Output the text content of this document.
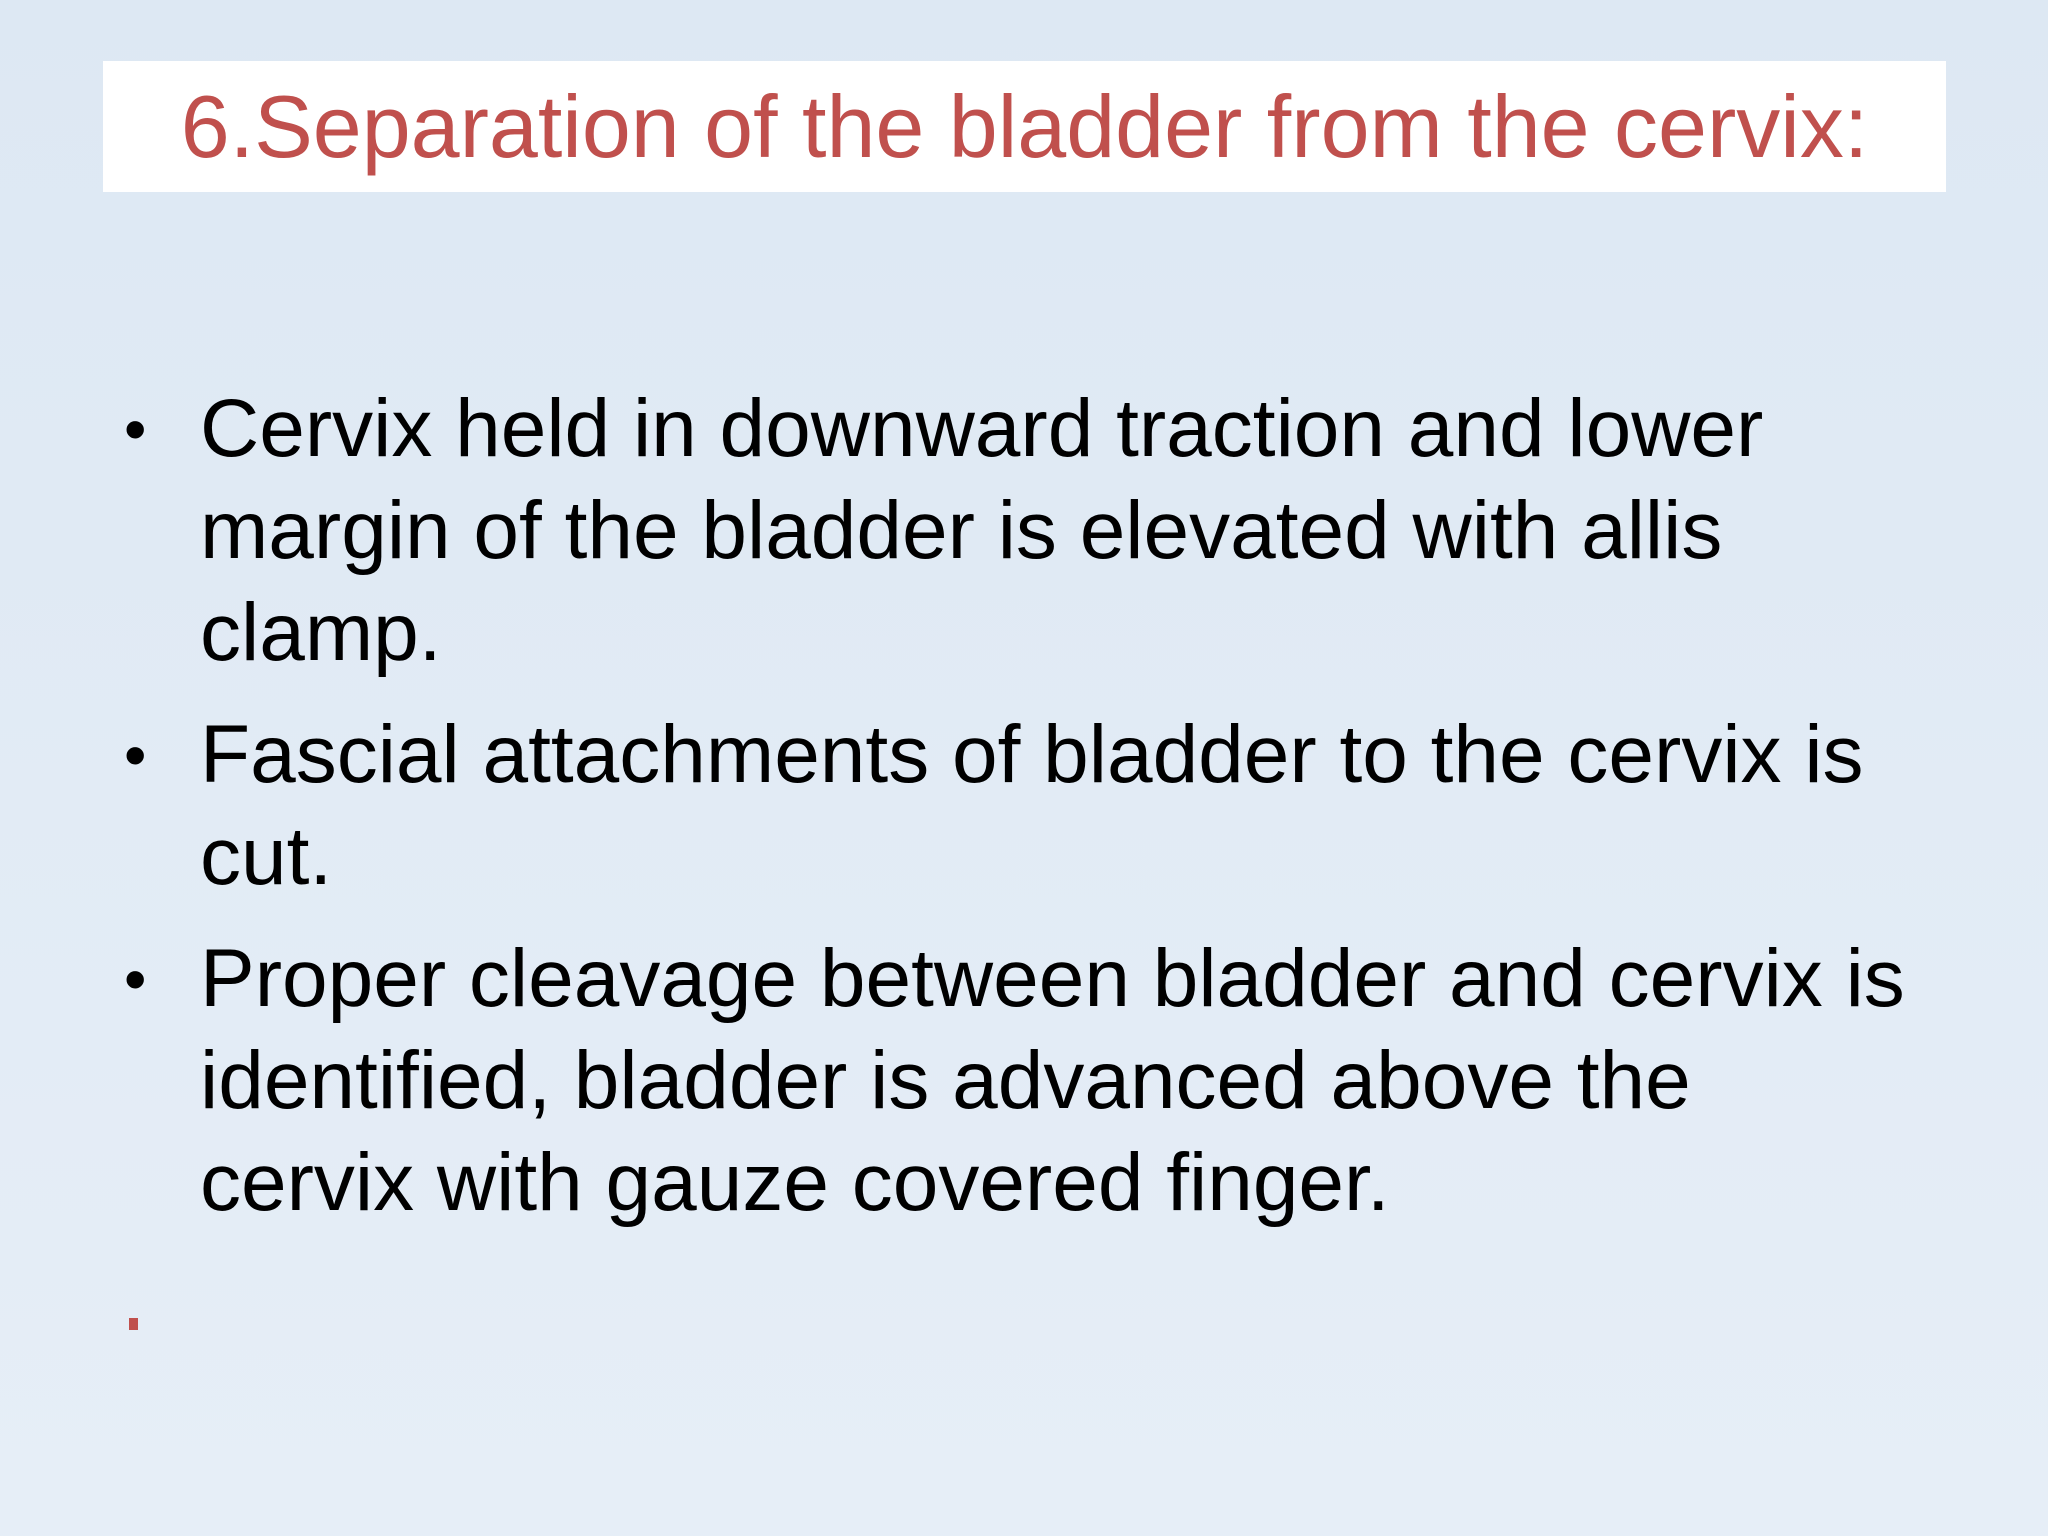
6.Separation of the bladder from the cervix:
• Cervix held in downward traction and lower margin of the bladder is elevated with allis clamp.
• Fascial attachments of bladder to the cervix is cut.
• Proper cleavage between bladder and cervix is identified, bladder is advanced above the cervix with gauze covered finger.
